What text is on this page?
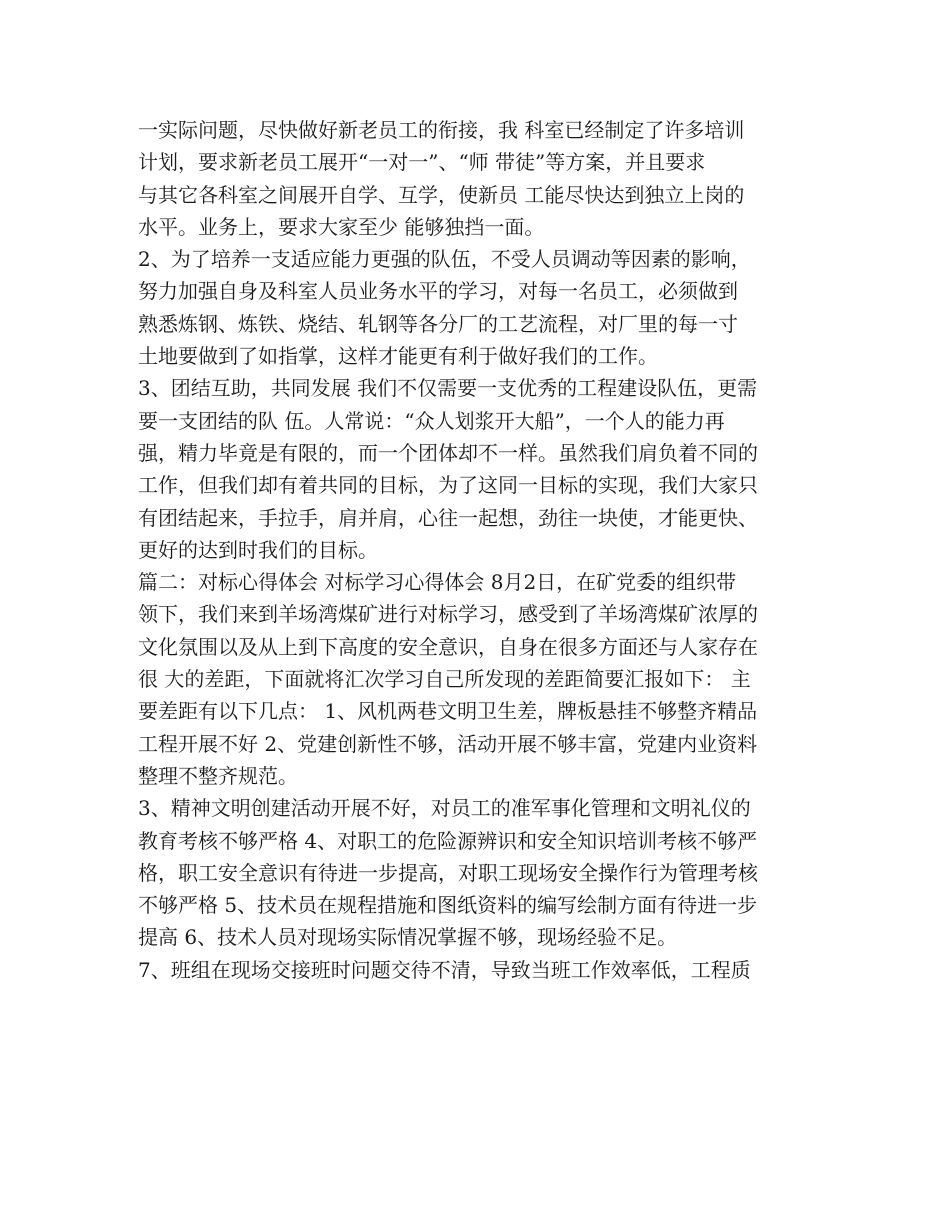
一实际问题，尽快做好新老员工的衔接，我 科室已经制定了许多培训
计划，要求新老员工展开“一对一”、“师 带徒”等方案，并且要求
与其它各科室之间展开自学、互学，使新员 工能尽快达到独立上岗的
水平。业务上，要求大家至少 能够独挡一面。
2、为了培养一支适应能力更强的队伍，不受人员调动等因素的影响，
努力加强自身及科室人员业务水平的学习，对每一名员工，必须做到
熟悉炼钢、炼铁、烧结、轧钢等各分厂的工艺流程，对厂里的每一寸
土地要做到了如指掌，这样才能更有利于做好我们的工作。
3、团结互助，共同发展 我们不仅需要一支优秀的工程建设队伍，更需
要一支团结的队 伍。人常说：“众人划浆开大船”，一个人的能力再
强，精力毕竟是有限的，而一个团体却不一样。虽然我们肩负着不同的
工作，但我们却有着共同的目标，为了这同一目标的实现，我们大家只
有团结起来，手拉手，肩并肩，心往一起想，劲往一块使，才能更快、
更好的达到时我们的目标。
篇二：对标心得体会 对标学习心得体会 8月2日，在矿党委的组织带
领下，我们来到羊场湾煤矿进行对标学习，感受到了羊场湾煤矿浓厚的
文化氛围以及从上到下高度的安全意识，自身在很多方面还与人家存在
很 大的差距，下面就将汇次学习自己所发现的差距简要汇报如下： 主
要差距有以下几点： 1、风机两巷文明卫生差，牌板悬挂不够整齐精品
工程开展不好 2、党建创新性不够，活动开展不够丰富，党建内业资料
整理不整齐规范。
3、精神文明创建活动开展不好，对员工的准军事化管理和文明礼仪的
教育考核不够严格 4、对职工的危险源辨识和安全知识培训考核不够严
格，职工安全意识有待进一步提高，对职工现场安全操作行为管理考核
不够严格 5、技术员在规程措施和图纸资料的编写绘制方面有待进一步
提高 6、技术人员对现场实际情况掌握不够，现场经验不足。
7、班组在现场交接班时问题交待不清，导致当班工作效率低，工程质
